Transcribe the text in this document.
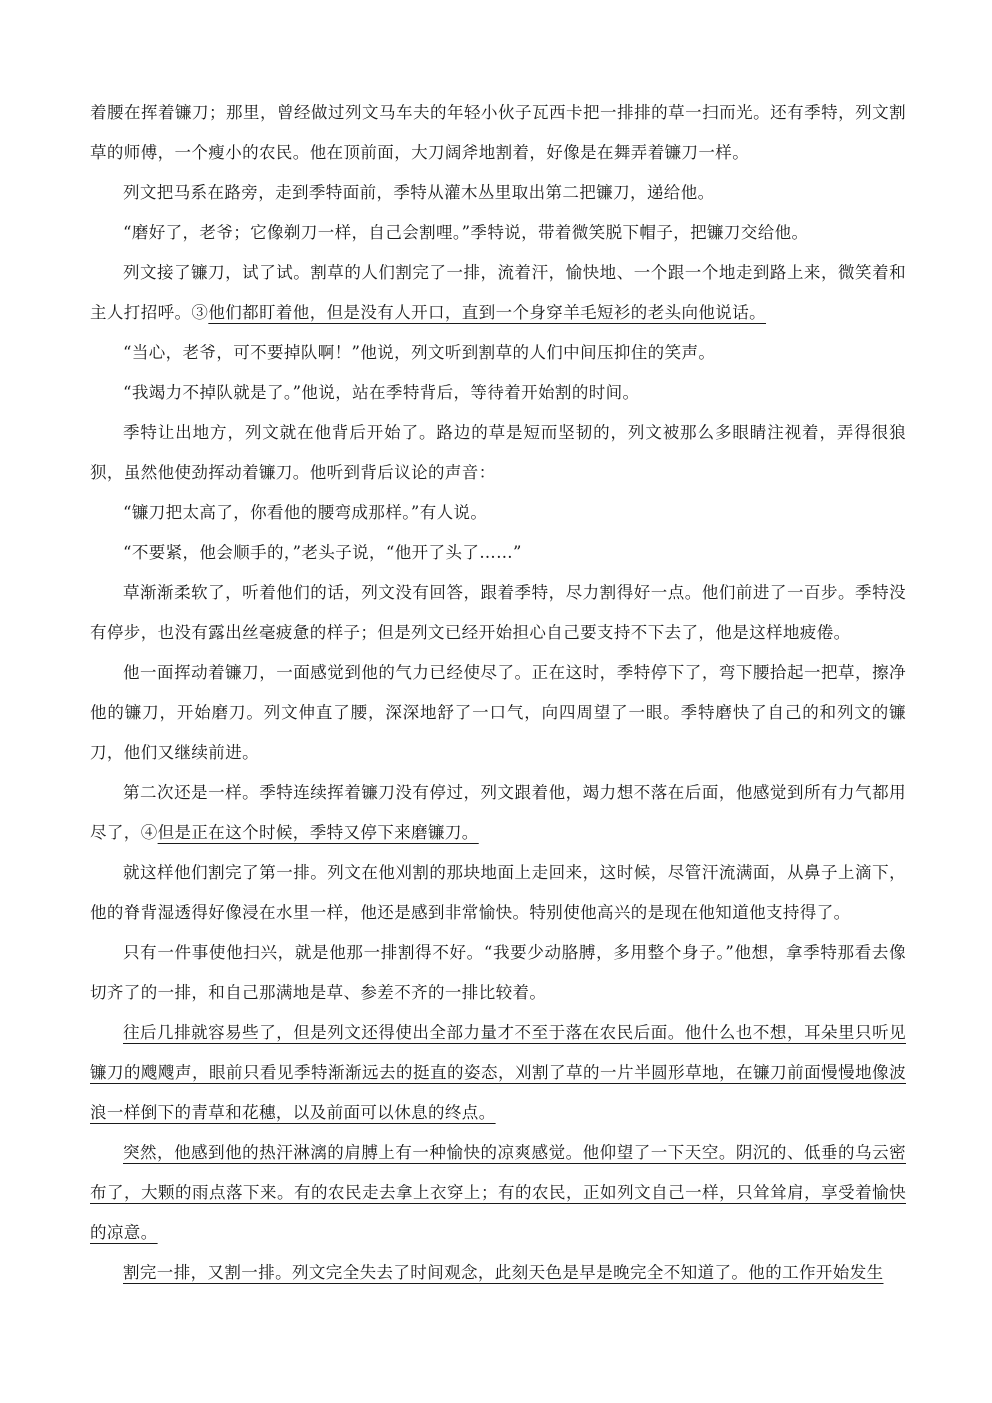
着腰在挥着镰刀；那里，曾经做过列文马车夫的年轻小伙子瓦西卡把一排排的草一扫而光。还有季特，列文割草的师傅，一个瘦小的农民。他在顶前面，大刀阔斧地割着，好像是在舞弄着镰刀一样。

列文把马系在路旁，走到季特面前，季特从灌木丛里取出第二把镰刀，递给他。

“磨好了，老爷；它像剃刀一样，自己会割哩。”季特说，带着微笑脱下帽子，把镰刀交给他。

列文接了镰刀，试了试。割草的人们割完了一排，流着汗，愉快地、一个跟一个地走到路上来，微笑着和主人打招呼。③他们都盯着他，但是没有人开口，直到一个身穿羊毛短衫的老头向他说话。

“当心，老爷，可不要掉队啊！”他说，列文听到割草的人们中间压抑住的笑声。

“我竭力不掉队就是了。”他说，站在季特背后，等待着开始割的时间。

季特让出地方，列文就在他背后开始了。路边的草是短而坚韧的，列文被那么多眼睛注视着，弄得很狼狈，虽然他使劲挥动着镰刀。他听到背后议论的声音：

“镰刀把太高了，你看他的腰弯成那样。”有人说。

“不要紧，他会顺手的，”老头子说，“他开了头了……”

草渐渐柔软了，听着他们的话，列文没有回答，跟着季特，尽力割得好一点。他们前进了一百步。季特没有停步，也没有露出丝毫疲惫的样子；但是列文已经开始担心自己要支持不下去了，他是这样地疲倦。

他一面挥动着镰刀，一面感觉到他的气力已经使尽了。正在这时，季特停下了，弯下腰拾起一把草，擦净他的镰刀，开始磨刀。列文伸直了腰，深深地舒了一口气，向四周望了一眼。季特磨快了自己的和列文的镰刀，他们又继续前进。

第二次还是一样。季特连续挥着镰刀没有停过，列文跟着他，竭力想不落在后面，他感觉到所有力气都用尽了，④但是正在这个时候，季特又停下来磨镰刀。

就这样他们割完了第一排。列文在他刈割的那块地面上走回来，这时候，尽管汗流满面，从鼻子上滴下，他的脊背湿透得好像浸在水里一样，他还是感到非常愉快。特别使他高兴的是现在他知道他支持得了。

只有一件事使他扫兴，就是他那一排割得不好。“我要少动胳膊，多用整个身子。”他想，拿季特那看去像切齐了的一排，和自己那满地是草、参差不齐的一排比较着。

往后几排就容易些了，但是列文还得使出全部力量才不至于落在农民后面。他什么也不想，耳朵里只听见镰刀的飕飕声，眼前只看见季特渐渐远去的挺直的姿态，刈割了草的一片半圆形草地，在镰刀前面慢慢地像波浪一样倒下的青草和花穗，以及前面可以休息的终点。

突然，他感到他的热汗淋漓的肩膊上有一种愉快的凉爽感觉。他仰望了一下天空。阴沉的、低垂的乌云密布了，大颗的雨点落下来。有的农民走去拿上衣穿上；有的农民，正如列文自己一样，只耸耸肩，享受着愉快的凉意。

割完一排，又割一排。列文完全失去了时间观念，此刻天色是早是晚完全不知道了。他的工作开始发生
